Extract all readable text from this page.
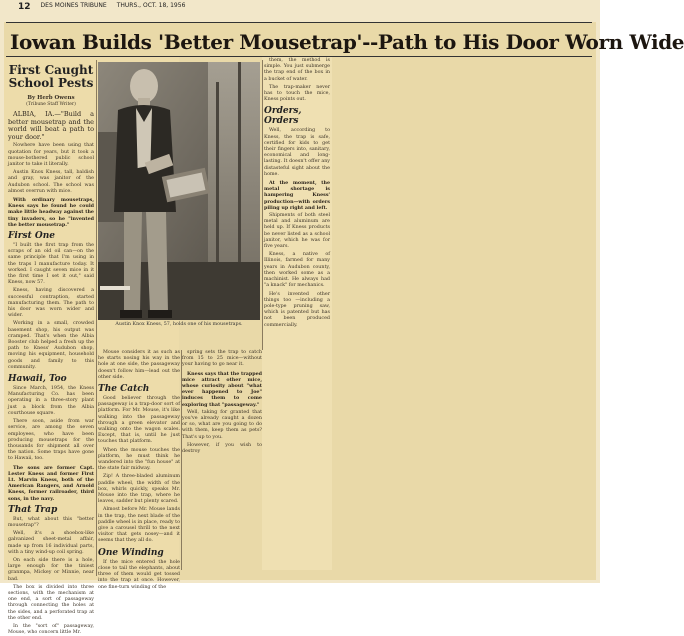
12 DES MOINES TRIBUNE THURS., OCT. 18, 1956
Iowan Builds 'Better Mousetrap'--Path to His Door Worn Wide
First Caught School Pests
By Herb Owens
(Tribune Staff Writer)

ALBIA, IA.—"Build a better mousetrap and the world will beat a path to your door."

Nowhere have been using that quotation for years, but it took a mouse-bothered public school janitor to take it literally.

Austin Knox Kness, tall, baldish and gray, was janitor of the Audubon school. The school was almost overrun with mice.

With ordinary mousetraps, Kness says he found he could make little headway against the tiny invaders, so he "invented the better mousetrap."

First One

"I built the first trap from the scraps of an old oil can—on the same principle that I'm using in the traps I manufacture today. It worked. I caught seven mice in it the first time I set it out," said Kness, now 57.

Kness, having discovered a successful contraption, started manufacturing them. The path to his door was worn wider and wider.

Working in a small, crowded basement shop, his output was cramped. That's when the Albia Booster club helped a fresh up the path to Kness' Audubon shop, moving his equipment, household goods and family to this community.

Hawaii, Too

Since March, 1954, the Kness Manufacturing Co. has been operating in a three-story plant just a block from the Albia courthouse square.

There soon, aside from war service, are among the seven employees, who have been producing mousetraps for the thousands for shipment all over the nation. Some traps have gone to Hawaii, too.

The sons are former Capt. Lester Kness and former First Lt. Marvin Kness, both of the American Rangers, and Arnold Kness, former railroader, third sons, in the navy.

That Trap

But, what about this "better mousetrap"?

Well, it's a shoebox-like galvanized sheet-metal affair, made up from 16 individual parts, with a tiny wind-up coil spring.

On each side there is a hole, large enough for the tiniest granmpa, Mickey or Minnie, near bad.

The box is divided into three sections, with the mechanism at one end, a sort of passageway through connecting the holes at the sides, and a perforated trap at the other end.

In the "sort of" passageway, Mouse, who concern little Mr.

Austin Knox Kness, 57, holds one of his mousetraps.

Mouse considers it as such as he starts nosing his way in the hole at one side, the passageway doesn't follow him—lead out the other side.

The Catch

Good believer through the passageway is a trap-door sort of platform. For Mr. Mouse, it's like walking into the passageway through a green elevator and walking onto the wagon scales. Except, that is, until he just touches that platform.

When the mouse touches the platform, he must think he wandered into the "fun house" at the state fair midway.

Zip! A three-bladed aluminum paddle wheel, the width of the box, whirls quickly, speaks Mr. Mouse into the trap, where he leaves, sadder but plenty scared.

Almost before Mr. Mouse lands in the trap, the next blade of the paddle wheel is in place, ready to give a carousel thrill to the next visitor that gets nosey—and it seems that they all do.

One Winding

If the mice entered the hole close to tail the elephants, about three of them would get tossed into the trap at once. However, one fine-turn winding of the

spring sets the trap to catch from 15 to 25 mice—without your having to go near it.

Kness says that the trapped mice attract other mice, whose curiosity about "what ever happened to Joe" induces them to come exploring that "passageway."

Well, taking for granted that you've already caught a dozen or so, what are you going to do with them, keep them as pets? That's up to you.

However, if you wish to destroy

them, the method is simple. You just submerge the trap end of the box in a bucket of water.

The trap-maker never has to touch the mice, Kness points out.

Orders, Orders

Well, according to Kness, the trap is safe, certified for kids to get their fingers into, sanitary, economical and long-lasting. It doesn't offer any distasteful sight about the home.

At the moment, the metal shortage is hampering Kness' production—with orders piling up right and left.

Shipments of both steel metal and aluminum are held up. If Kness products be never listed as a school janitor, which he was for five years.

Kness, a native of Illinois, farmed for many years in Audubon county, then worked some as a machinist. He always had "a knack" for mechanics.

He's invented other things too —including a pole-type pruning saw, which is patented but has not been produced commercially.
